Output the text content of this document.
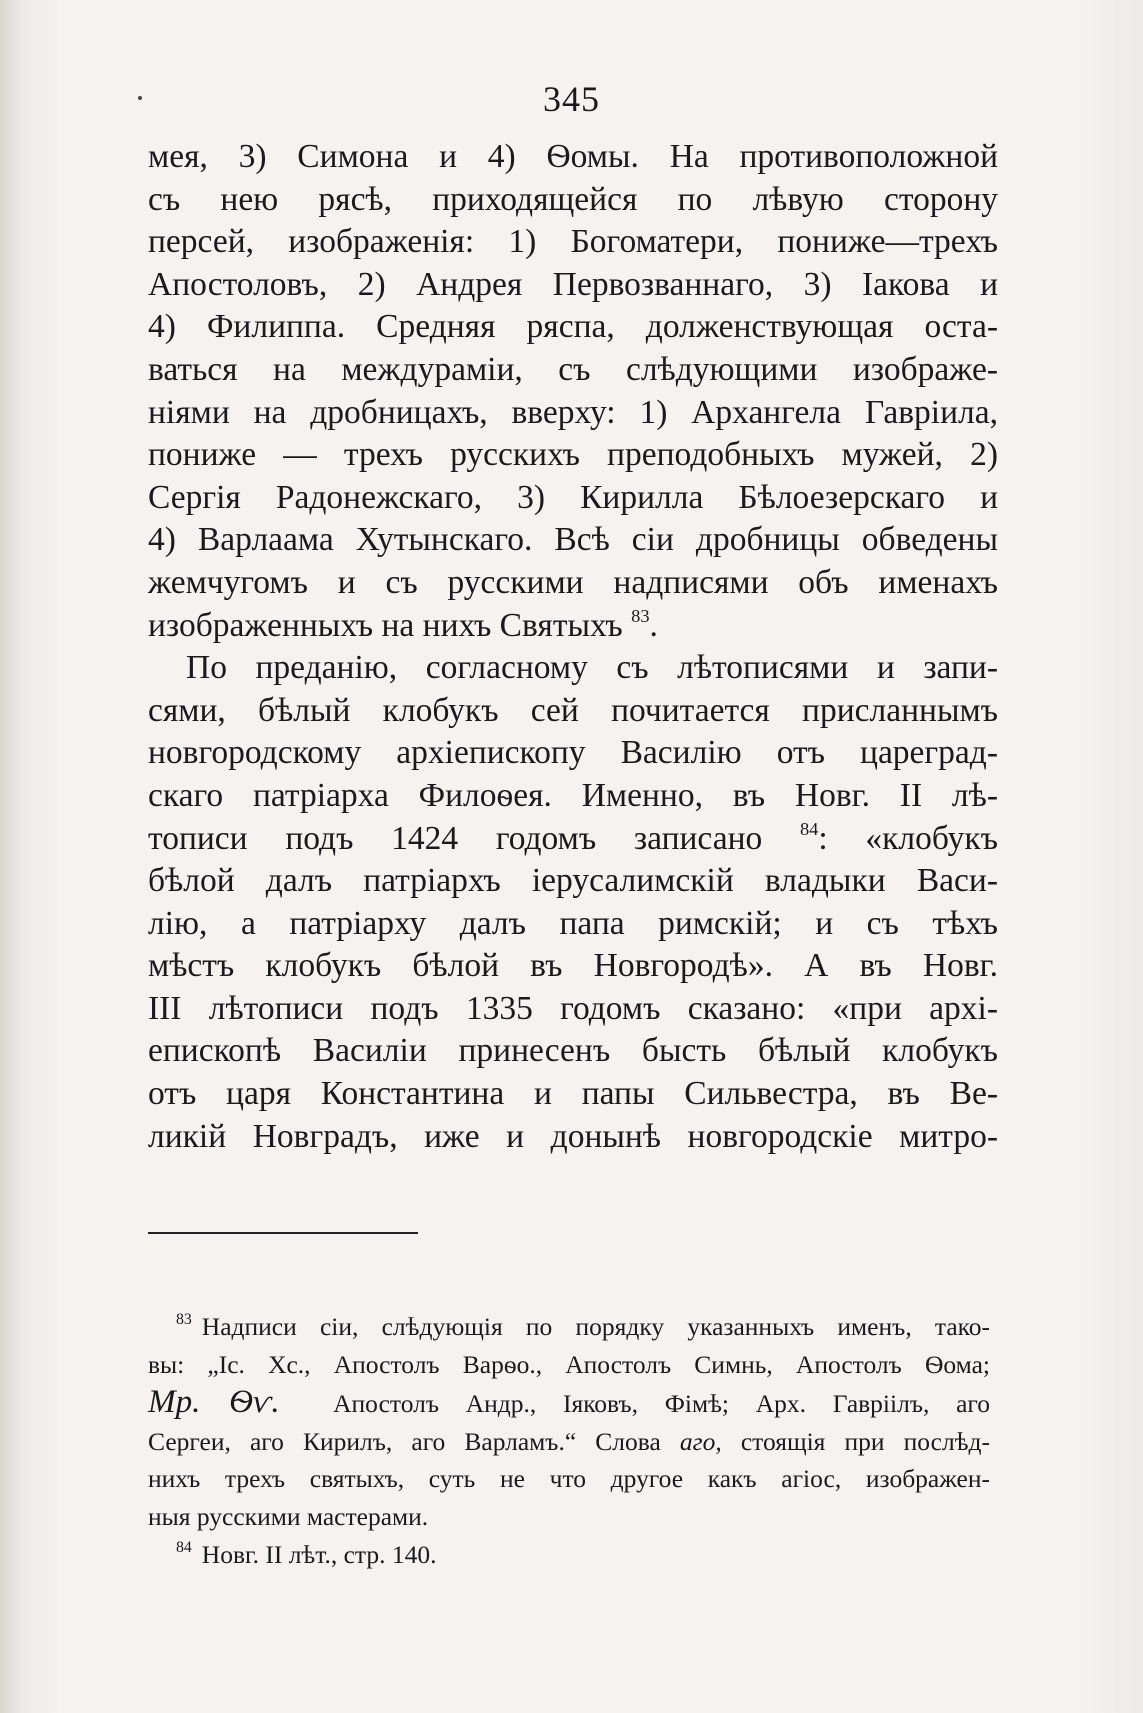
345
мея, 3) Симона и 4) Ѳомы. На противоположной
съ нею рясѣ, приходящейся по лѣвую сторону
персей, изображенія: 1) Богоматери, пониже—трехъ
Апостоловъ, 2) Андрея Первозваннаго, 3) Іакова и
4) Филиппа. Средняя ряспа, долженствующая оста-
ваться на междураміи, съ слѣдующими изображе-
ніями на дробницахъ, вверху: 1) Архангела Гавріила,
пониже — трехъ русскихъ преподобныхъ мужей, 2)
Сергія Радонежскаго, 3) Кирилла Бѣлоезерскаго и
4) Варлаама Хутынскаго. Всѣ сіи дробницы обведены
жемчугомъ и съ русскими надписями объ именахъ
изображенныхъ на нихъ Святыхъ $^{83}$.
По преданію, согласному съ лѣтописями и запи-
сями, бѣлый клобукъ сей почитается присланнымъ
новгородскому архіепископу Василію отъ цареград-
скаго патріарха Филоѳея. Именно, въ Новг. II лѣ-
тописи подъ 1424 годомъ записано $^{84}$: «клобукъ
бѣлой далъ патріархъ іерусалимскій владыки Васи-
лію, а патріарху далъ папа римскій; и съ тѣхъ
мѣстъ клобукъ бѣлой въ Новгородѣ». А въ Новг.
III лѣтописи подъ 1335 годомъ сказано: «при архі-
епископѣ Василіи принесенъ бысть бѣлый клобукъ
отъ царя Константина и папы Сильвестра, въ Ве-
ликій Новградъ, иже и донынѣ новгородскіе митро-
$^{83}$ Надписи сіи, слѣдующія по порядку указанныхъ именъ, тако-
вы: „Іс. Хс., Апостолъ Варѳо., Апостолъ Симнь, Апостолъ Ѳома;
Мр. Ѳѵ. Апостолъ Андр., Іяковъ, Фімѣ; Арх. Гавріілъ, аго
Сергеи, аго Кирилъ, аго Варламъ.“ Слова аго, стоящія при послѣд-
нихъ трехъ святыхъ, суть не что другое какъ агіос, изображен-
ныя русскими мастерами.
$^{84}$ Новг. II лѣт., стр. 140.
